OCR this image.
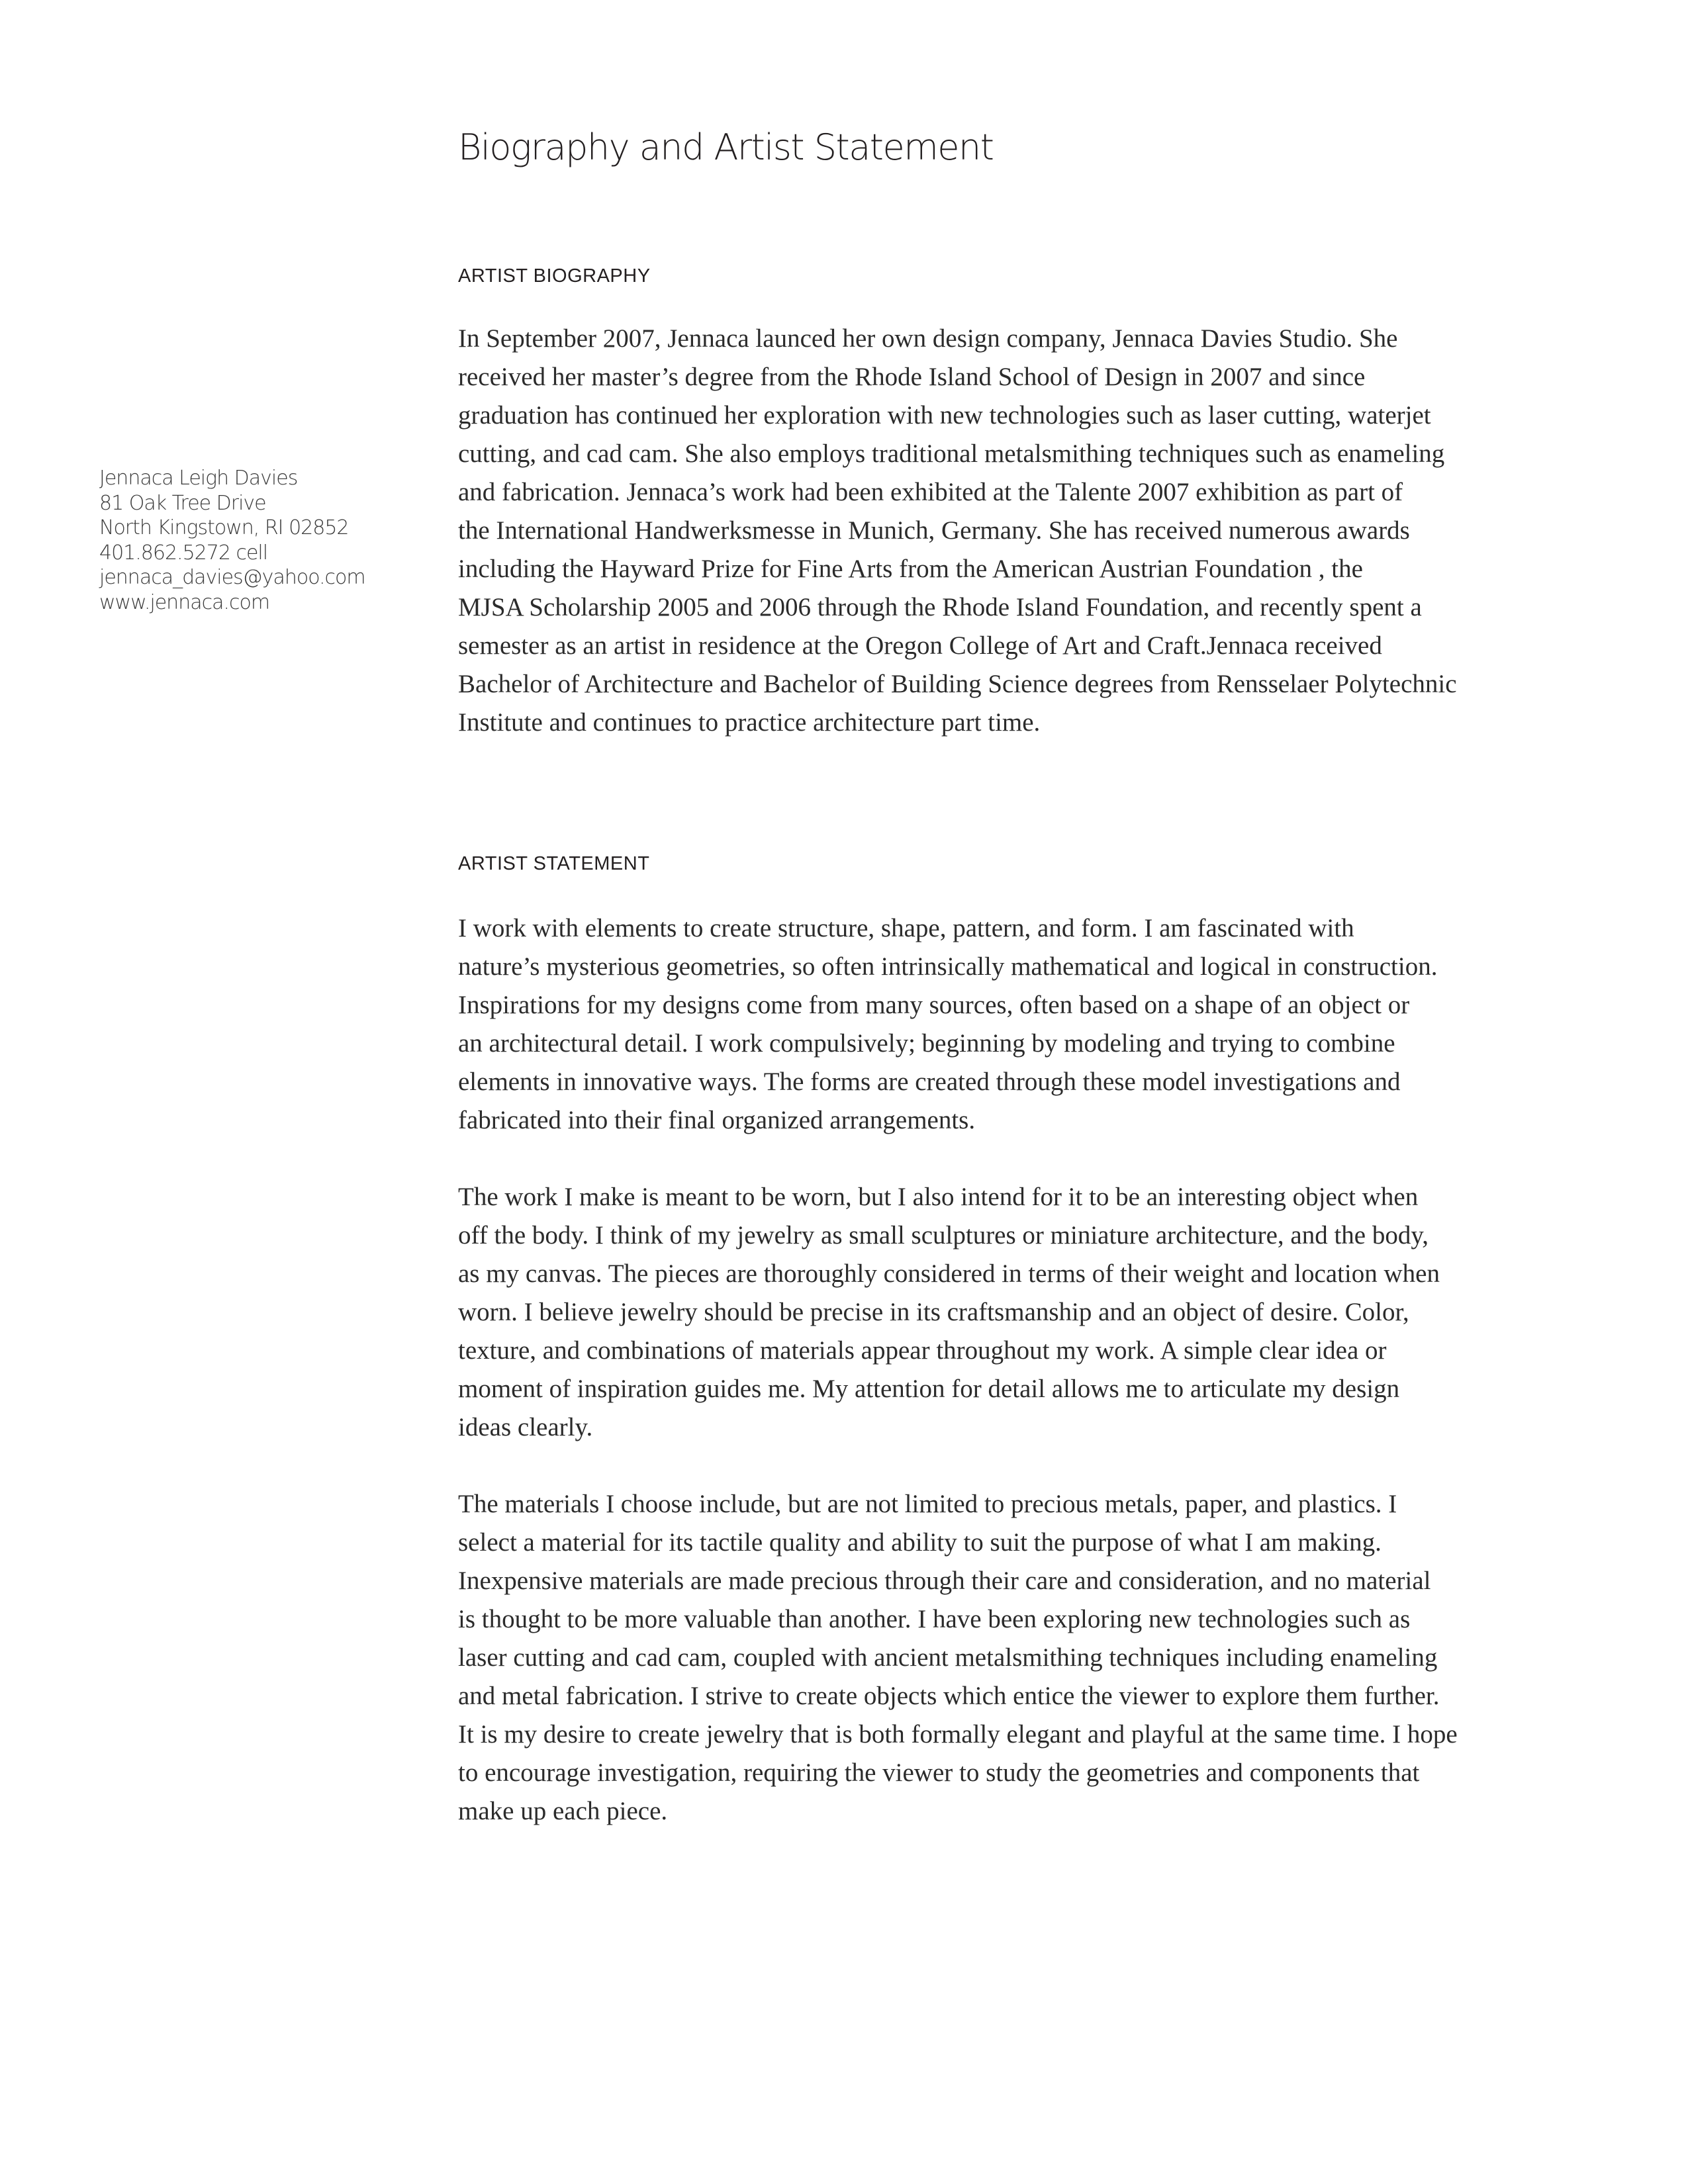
Biography and Artist Statement
Jennaca Leigh Davies
81 Oak Tree Drive
North Kingstown, RI 02852
401.862.5272 cell
jennaca_davies@yahoo.com
www.jennaca.com
ARTIST BIOGRAPHY

In September 2007, Jennaca launced her own design company, Jennaca Davies Studio. She
received her master’s degree from the Rhode Island School of Design in 2007 and since
graduation has continued her exploration with new technologies such as laser cutting, waterjet
cutting, and cad cam. She also employs traditional metalsmithing techniques such as enameling
and fabrication. Jennaca’s work had been exhibited at the Talente 2007 exhibition as part of
the International Handwerksmesse in Munich, Germany. She has received numerous awards
including the Hayward Prize for Fine Arts from the American Austrian Foundation , the
MJSA Scholarship 2005 and 2006 through the Rhode Island Foundation, and recently spent a
semester as an artist in residence at the Oregon College of Art and Craft.Jennaca received
Bachelor of Architecture and Bachelor of Building Science degrees from Rensselaer Polytechnic
Institute and continues to practice architecture part time.

ARTIST STATEMENT

I work with elements to create structure, shape, pattern, and form. I am fascinated with
nature’s mysterious geometries, so often intrinsically mathematical and logical in construction.
Inspirations for my designs come from many sources, often based on a shape of an object or
an architectural detail. I work compulsively; beginning by modeling and trying to combine
elements in innovative ways. The forms are created through these model investigations and
fabricated into their final organized arrangements.

The work I make is meant to be worn, but I also intend for it to be an interesting object when
off the body. I think of my jewelry as small sculptures or miniature architecture, and the body,
as my canvas. The pieces are thoroughly considered in terms of their weight and location when
worn. I believe jewelry should be precise in its craftsmanship and an object of desire. Color,
texture, and combinations of materials appear throughout my work. A simple clear idea or
moment of inspiration guides me. My attention for detail allows me to articulate my design
ideas clearly.

The materials I choose include, but are not limited to precious metals, paper, and plastics. I
select a material for its tactile quality and ability to suit the purpose of what I am making.
Inexpensive materials are made precious through their care and consideration, and no material
is thought to be more valuable than another. I have been exploring new technologies such as
laser cutting and cad cam, coupled with ancient metalsmithing techniques including enameling
and metal fabrication. I strive to create objects which entice the viewer to explore them further.
It is my desire to create jewelry that is both formally elegant and playful at the same time. I hope
to encourage investigation, requiring the viewer to study the geometries and components that
make up each piece.
